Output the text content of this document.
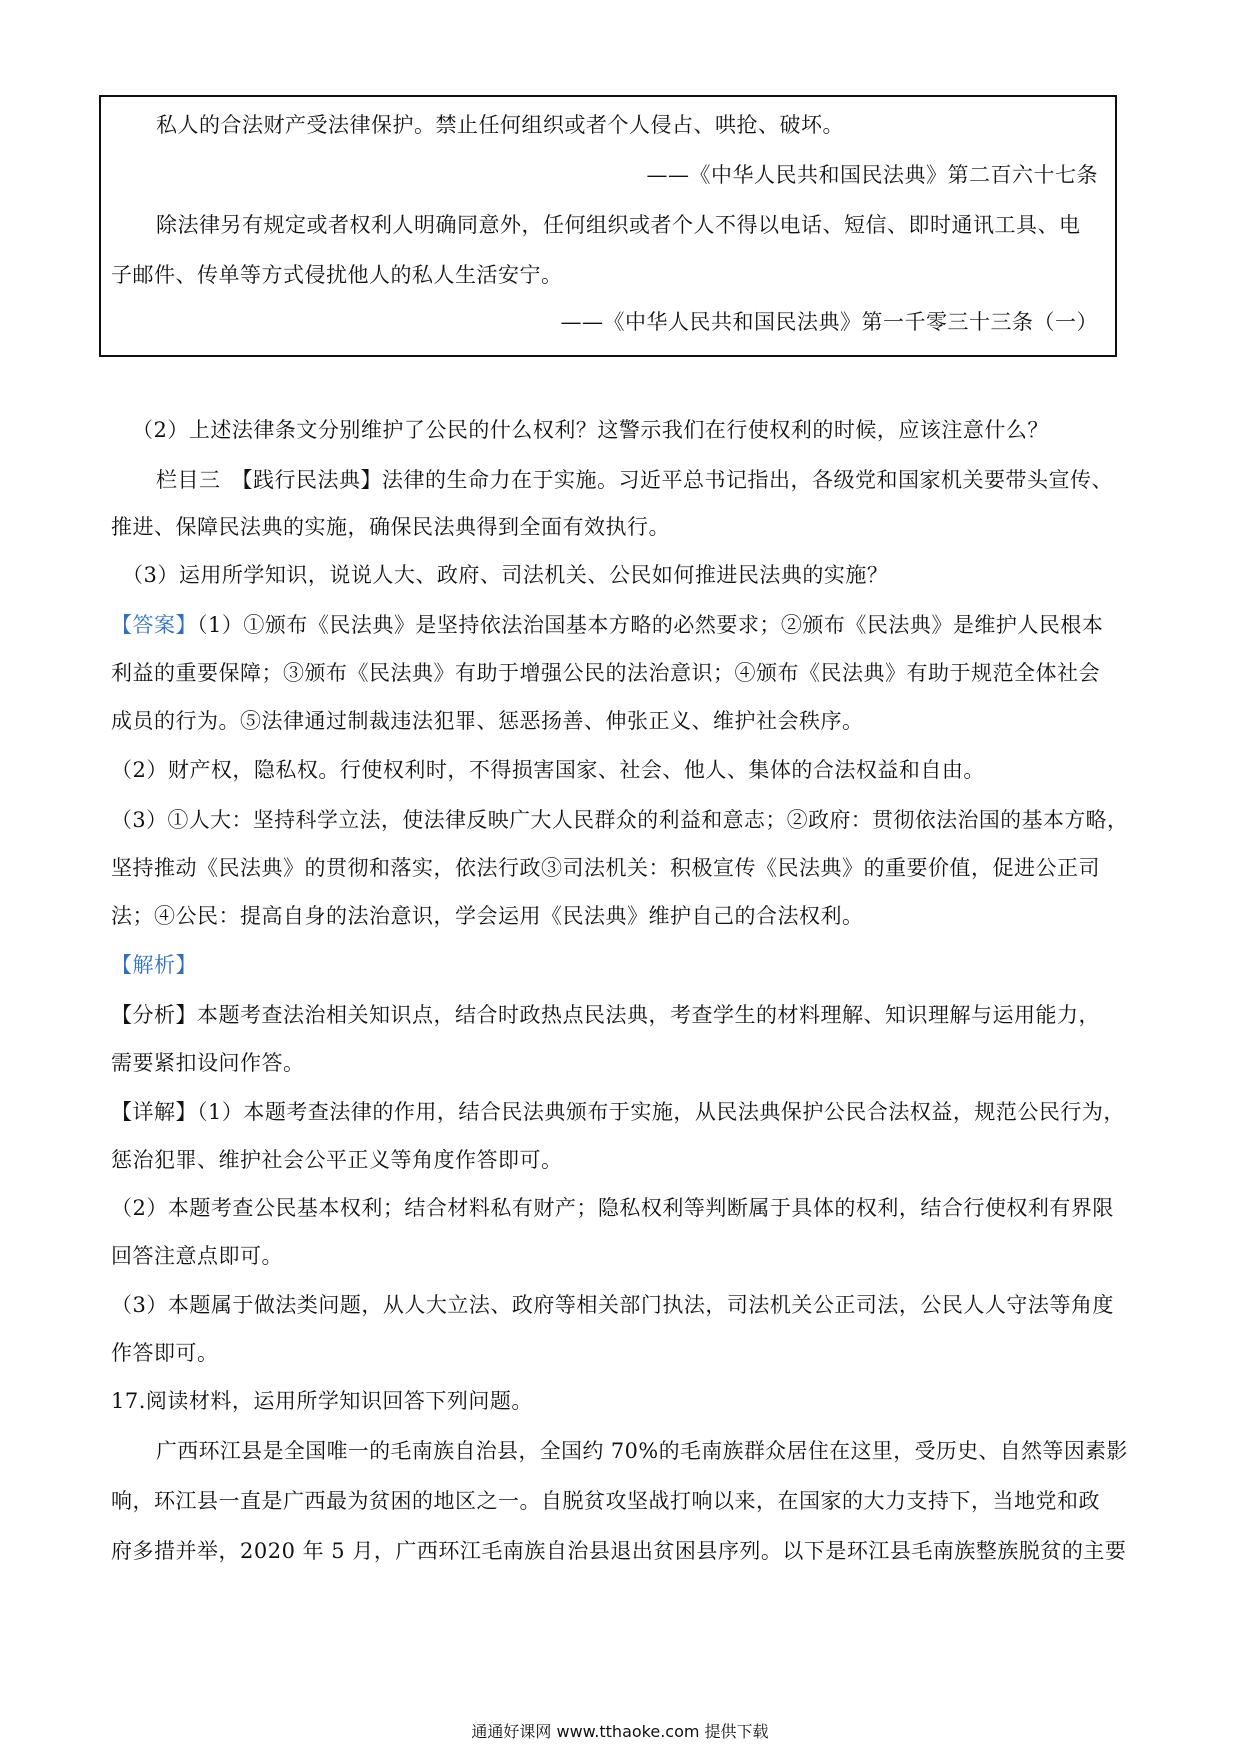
私人的合法财产受法律保护。禁止任何组织或者个人侵占、哄抢、破坏。
——《中华人民共和国民法典》第二百六十七条
除法律另有规定或者权利人明确同意外，任何组织或者个人不得以电话、短信、即时通讯工具、电
子邮件、传单等方式侵扰他人的私人生活安宁。
——《中华人民共和国民法典》第一千零三十三条（一）
（2）上述法律条文分别维护了公民的什么权利？这警示我们在行使权利的时候，应该注意什么？
栏目三　【践行民法典】法律的生命力在于实施。习近平总书记指出，各级党和国家机关要带头宣传、
推进、保障民法典的实施，确保民法典得到全面有效执行。
（3）运用所学知识，说说人大、政府、司法机关、公民如何推进民法典的实施？
【答案】（1）①颁布《民法典》是坚持依法治国基本方略的必然要求；②颁布《民法典》是维护人民根本
利益的重要保障；③颁布《民法典》有助于增强公民的法治意识；④颁布《民法典》有助于规范全体社会
成员的行为。⑤法律通过制裁违法犯罪、惩恶扬善、伸张正义、维护社会秩序。
（2）财产权，隐私权。行使权利时，不得损害国家、社会、他人、集体的合法权益和自由。
（3）①人大：坚持科学立法，使法律反映广大人民群众的利益和意志；②政府：贯彻依法治国的基本方略，
坚持推动《民法典》的贯彻和落实，依法行政③司法机关：积极宣传《民法典》的重要价值，促进公正司
法；④公民：提高自身的法治意识，学会运用《民法典》维护自己的合法权利。
【解析】
【分析】本题考查法治相关知识点，结合时政热点民法典，考查学生的材料理解、知识理解与运用能力，
需要紧扣设问作答。
【详解】（1）本题考查法律的作用，结合民法典颁布于实施，从民法典保护公民合法权益，规范公民行为，
惩治犯罪、维护社会公平正义等角度作答即可。
（2）本题考查公民基本权利；结合材料私有财产；隐私权利等判断属于具体的权利，结合行使权利有界限
回答注意点即可。
（3）本题属于做法类问题，从人大立法、政府等相关部门执法，司法机关公正司法，公民人人守法等角度
作答即可。
17.阅读材料，运用所学知识回答下列问题。
广西环江县是全国唯一的毛南族自治县，全国约 70%的毛南族群众居住在这里，受历史、自然等因素影
响，环江县一直是广西最为贫困的地区之一。自脱贫攻坚战打响以来，在国家的大力支持下，当地党和政
府多措并举，2020 年 5 月，广西环江毛南族自治县退出贫困县序列。以下是环江县毛南族整族脱贫的主要
通通好课网 www.tthaoke.com 提供下载
